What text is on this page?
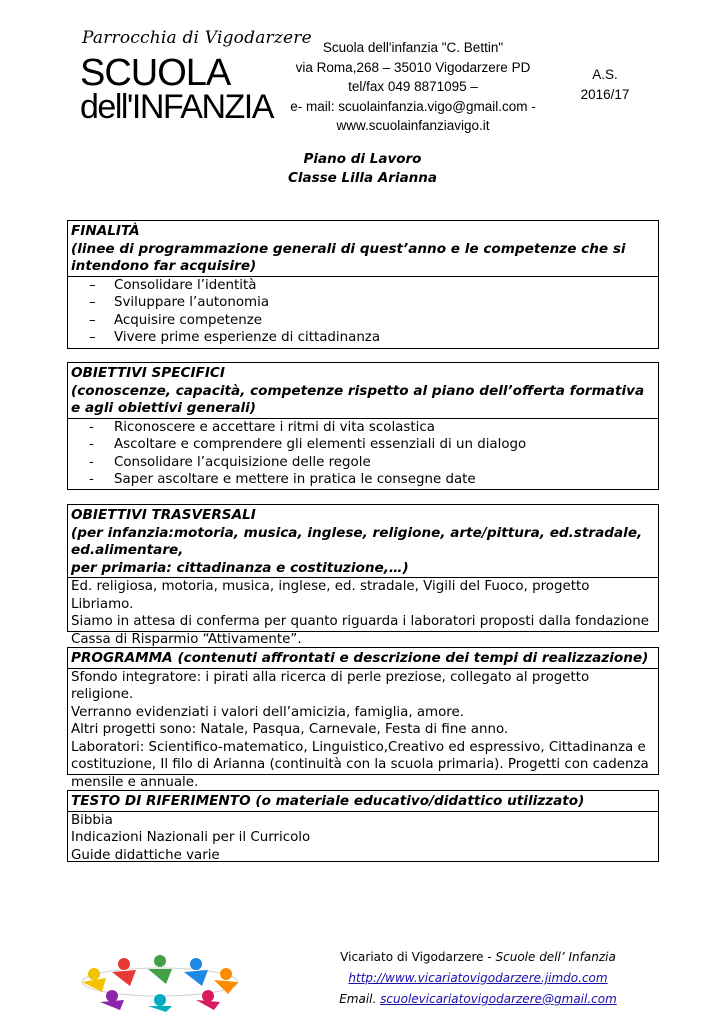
Parrocchia di Vigodarzere
SCUOLA
dell'INFANZIA
Scuola dell'infanzia "C. Bettin"
via Roma,268 – 35010 Vigodarzere PD
tel/fax 049 8871095 –
e- mail: scuolainfanzia.vigo@gmail.com -
www.scuolainfanziavigo.it
A.S.
2016/17
Piano di Lavoro
Classe Lilla Arianna
FINALITÀ
(linee di programmazione generali di quest’anno e le competenze che si intendono far acquisire)
– Consolidare l’identità
– Sviluppare l’autonomia
– Acquisire competenze
– Vivere prime esperienze di cittadinanza
OBIETTIVI SPECIFICI
(conoscenze, capacità, competenze rispetto al piano dell’offerta formativa e agli obiettivi generali)
- Riconoscere e accettare i ritmi di vita scolastica
- Ascoltare e comprendere gli elementi essenziali di un dialogo
- Consolidare l’acquisizione delle regole
- Saper ascoltare e mettere in pratica le consegne date
OBIETTIVI TRASVERSALI
(per infanzia:motoria, musica, inglese, religione, arte/pittura, ed.stradale, ed.alimentare,
per primaria: cittadinanza e costituzione,…)
Ed. religiosa, motoria, musica, inglese, ed. stradale, Vigili del Fuoco, progetto Libriamo.
Siamo in attesa di conferma per quanto riguarda i laboratori proposti dalla fondazione Cassa di Risparmio “Attivamente”.
PROGRAMMA (contenuti affrontati e descrizione dei tempi di realizzazione)
Sfondo integratore: i pirati alla ricerca di perle preziose, collegato al progetto religione.
Verranno evidenziati i valori dell’amicizia, famiglia, amore.
Altri progetti sono: Natale, Pasqua, Carnevale, Festa di fine anno.
Laboratori: Scientifico-matematico, Linguistico,Creativo ed espressivo, Cittadinanza e costituzione, Il filo di Arianna (continuità con la scuola primaria). Progetti con cadenza mensile e annuale.
TESTO DI RIFERIMENTO (o materiale educativo/didattico utilizzato)
Bibbia
Indicazioni Nazionali per il Curricolo
Guide didattiche varie
Vicariato di Vigodarzere - Scuole dell’ Infanzia
http://www.vicariatovigodarzere.jimdo.com
Email. scuolevicariatovigodarzere@gmail.com
